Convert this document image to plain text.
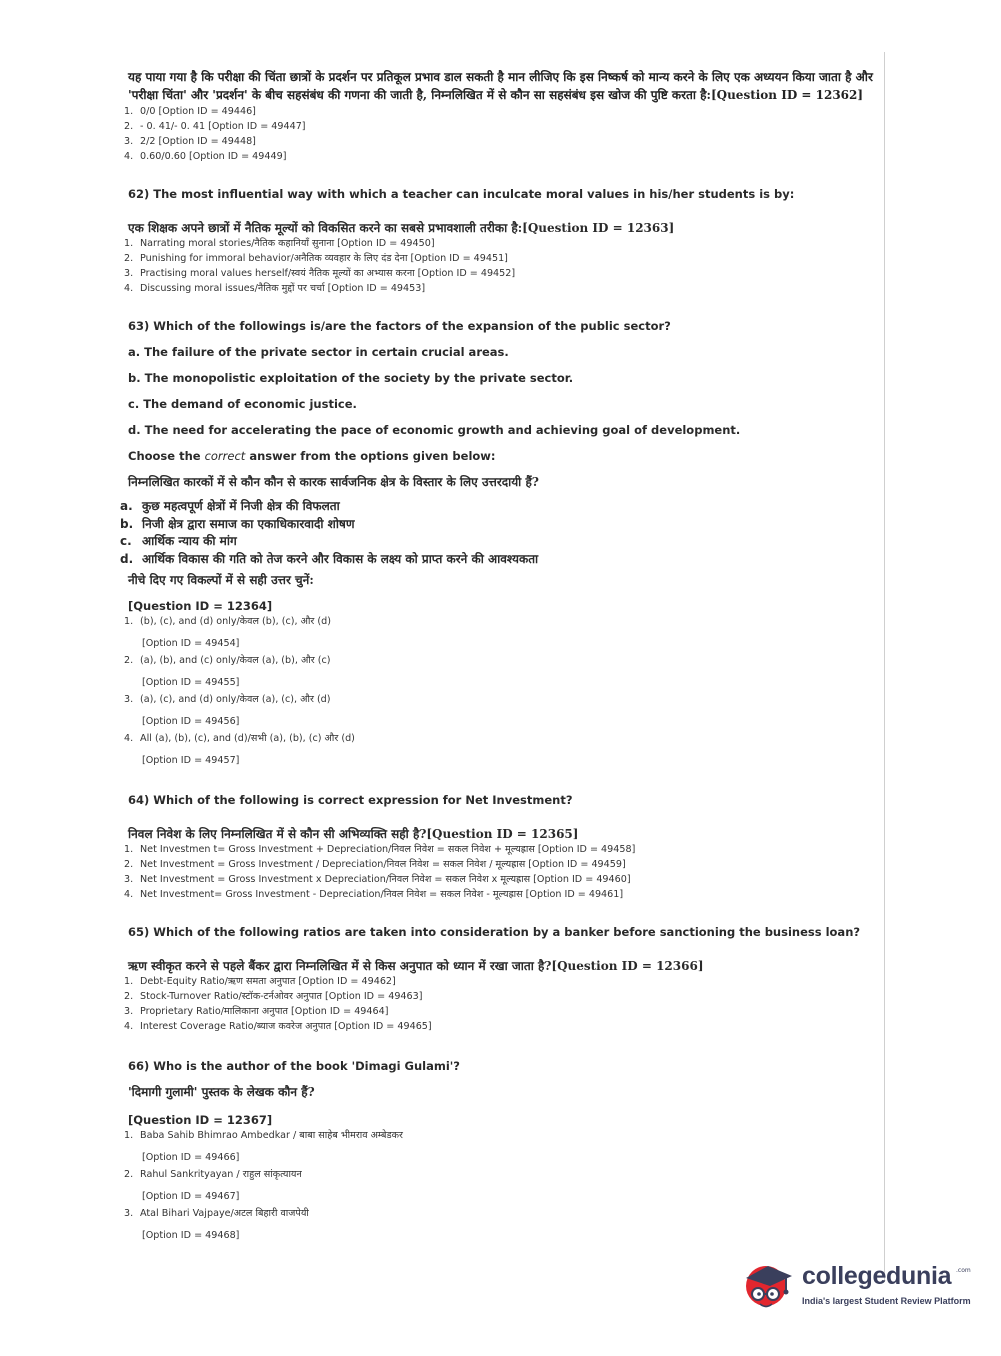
यह पाया गया है कि परीक्षा की चिंता छात्रों के प्रदर्शन पर प्रतिकूल प्रभाव डाल सकती है मान लीजिए कि इस निष्कर्ष को मान्य करने के लिए एक अध्ययन किया जाता है और 'परीक्षा चिंता' और 'प्रदर्शन' के बीच सहसंबंध की गणना की जाती है, निम्नलिखित में से कौन सा सहसंबंध इस खोज की पुष्टि करता है:[Question ID = 12362]

1. 0/0 [Option ID = 49446]
2. - 0. 41/- 0. 41 [Option ID = 49447]
3. 2/2 [Option ID = 49448]
4. 0.60/0.60 [Option ID = 49449]

62) The most influential way with which a teacher can inculcate moral values in his/her students is by:

एक शिक्षक अपने छात्रों में नैतिक मूल्यों को विकसित करने का सबसे प्रभावशाली तरीका है:[Question ID = 12363]

1. Narrating moral stories/नैतिक कहानियाँ सुनाना [Option ID = 49450]
2. Punishing for immoral behavior/अनैतिक व्यवहार के लिए दंड देना [Option ID = 49451]
3. Practising moral values herself/स्वयं नैतिक मूल्यों का अभ्यास करना [Option ID = 49452]
4. Discussing moral issues/नैतिक मुद्दों पर चर्चा [Option ID = 49453]

63) Which of the followings is/are the factors of the expansion of the public sector?

a. The failure of the private sector in certain crucial areas.

b. The monopolistic exploitation of the society by the private sector.

c. The demand of economic justice.

d. The need for accelerating the pace of economic growth and achieving goal of development.

Choose the correct answer from the options given below:

निम्नलिखित कारकों में से कौन कौन से कारक सार्वजनिक क्षेत्र के विस्तार के लिए उत्तरदायी हैं?

a. कुछ महत्वपूर्ण क्षेत्रों में निजी क्षेत्र की विफलता
b. निजी क्षेत्र द्वारा समाज का एकाधिकारवादी शोषण
c. आर्थिक न्याय की मांग
d. आर्थिक विकास की गति को तेज करने और विकास के लक्ष्य को प्राप्त करने की आवश्यकता

नीचे दिए गए विकल्पों में से सही उत्तर चुनें:

[Question ID = 12364]

1. (b), (c), and (d) only/केवल (b), (c), और (d)

[Option ID = 49454]

2. (a), (b), and (c) only/केवल (a), (b), और (c)

[Option ID = 49455]

3. (a), (c), and (d) only/केवल (a), (c), और (d)

[Option ID = 49456]

4. All (a), (b), (c), and (d)/सभी (a), (b), (c) और (d)

[Option ID = 49457]

64) Which of the following is correct expression for Net Investment?

निवल निवेश के लिए निम्नलिखित में से कौन सी अभिव्यक्ति सही है?[Question ID = 12365]

1. Net Investmen t= Gross Investment + Depreciation/निवल निवेश = सकल निवेश + मूल्यह्रास [Option ID = 49458]
2. Net Investment = Gross Investment / Depreciation/निवल निवेश = सकल निवेश / मूल्यह्रास [Option ID = 49459]
3. Net Investment = Gross Investment x Depreciation/निवल निवेश = सकल निवेश x मूल्यह्रास [Option ID = 49460]
4. Net Investment= Gross Investment - Depreciation/निवल निवेश = सकल निवेश - मूल्यह्रास [Option ID = 49461]

65) Which of the following ratios are taken into consideration by a banker before sanctioning the business loan?

ऋण स्वीकृत करने से पहले बैंकर द्वारा निम्नलिखित में से किस अनुपात को ध्यान में रखा जाता है?[Question ID = 12366]

1. Debt-Equity Ratio/ऋण समता अनुपात [Option ID = 49462]
2. Stock-Turnover Ratio/स्टॉक-टर्नओवर अनुपात [Option ID = 49463]
3. Proprietary Ratio/मालिकाना अनुपात [Option ID = 49464]
4. Interest Coverage Ratio/ब्याज कवरेज अनुपात [Option ID = 49465]

66) Who is the author of the book 'Dimagi Gulami'?

'दिमागी गुलामी' पुस्तक के लेखक कौन हैं?

[Question ID = 12367]

1. Baba Sahib Bhimrao Ambedkar / बाबा साहेब भीमराव अम्बेडकर

[Option ID = 49466]

2. Rahul Sankrityayan / राहुल सांकृत्यायन

[Option ID = 49467]

3. Atal Bihari Vajpaye/अटल बिहारी वाजपेयी

[Option ID = 49468]

collegedunia .com
India's largest Student Review Platform
